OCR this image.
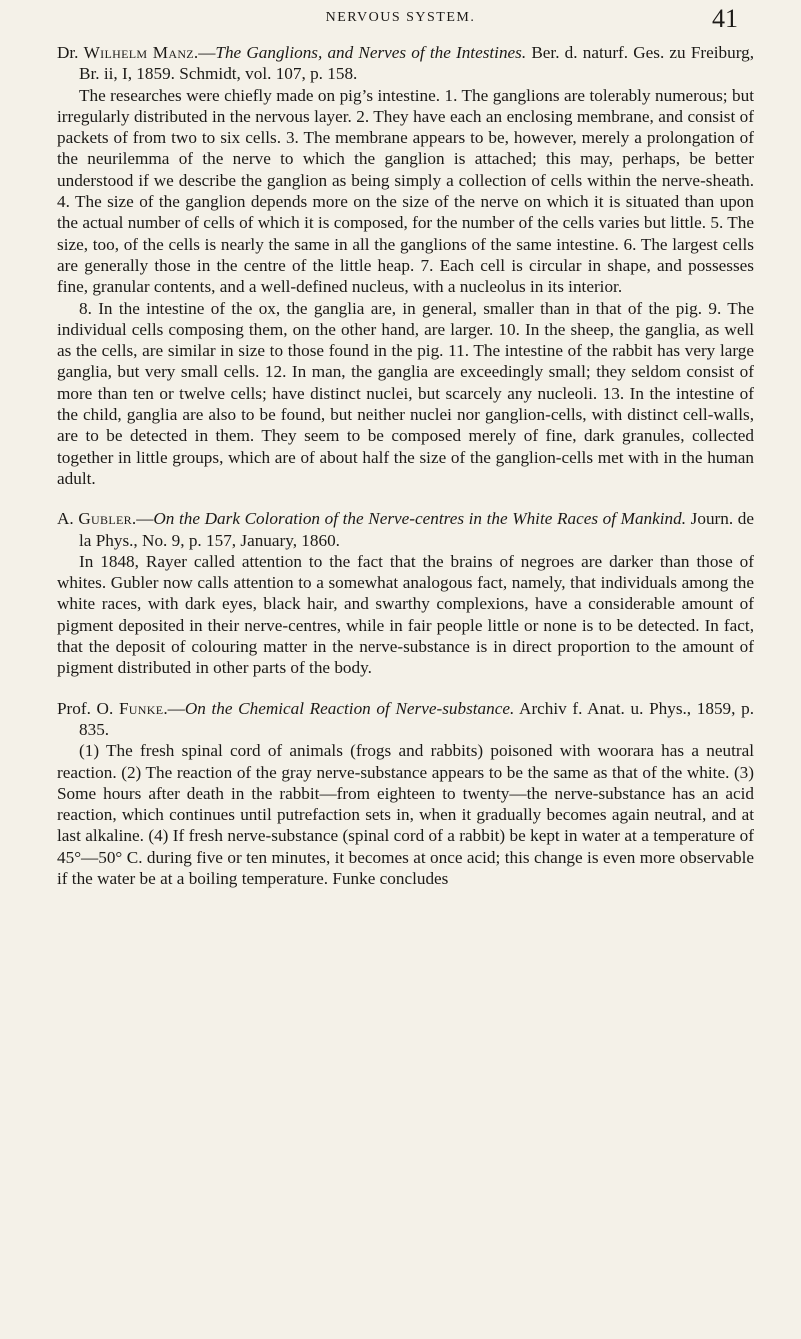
NERVOUS SYSTEM.	41

Dr. Wilhelm Manz.—The Ganglions, and Nerves of the Intestines. Ber. d. naturf. Ges. zu Freiburg, Br. ii, I, 1859. Schmidt, vol. 107, p. 158.

The researches were chiefly made on pig’s intestine. 1. The ganglions are tolerably numerous; but irregularly distributed in the nervous layer. 2. They have each an enclosing membrane, and consist of packets of from two to six cells. 3. The membrane appears to be, however, merely a prolongation of the neurilemma of the nerve to which the ganglion is attached; this may, perhaps, be better understood if we describe the ganglion as being simply a collection of cells within the nerve-sheath. 4. The size of the ganglion depends more on the size of the nerve on which it is situated than upon the actual number of cells of which it is composed, for the number of the cells varies but little. 5. The size, too, of the cells is nearly the same in all the ganglions of the same intestine. 6. The largest cells are generally those in the centre of the little heap. 7. Each cell is circular in shape, and possesses fine, granular contents, and a well-defined nucleus, with a nucleolus in its interior.

8. In the intestine of the ox, the ganglia are, in general, smaller than in that of the pig. 9. The individual cells composing them, on the other hand, are larger. 10. In the sheep, the ganglia, as well as the cells, are similar in size to those found in the pig. 11. The intestine of the rabbit has very large ganglia, but very small cells. 12. In man, the ganglia are exceedingly small; they seldom consist of more than ten or twelve cells; have distinct nuclei, but scarcely any nucleoli. 13. In the intestine of the child, ganglia are also to be found, but neither nuclei nor ganglion-cells, with distinct cell-walls, are to be detected in them. They seem to be composed merely of fine, dark granules, collected together in little groups, which are of about half the size of the ganglion-cells met with in the human adult.

A. Gubler.—On the Dark Coloration of the Nerve-centres in the White Races of Mankind. Journ. de la Phys., No. 9, p. 157, January, 1860.

In 1848, Rayer called attention to the fact that the brains of negroes are darker than those of whites. Gubler now calls attention to a somewhat analogous fact, namely, that individuals among the white races, with dark eyes, black hair, and swarthy complexions, have a considerable amount of pigment deposited in their nerve-centres, while in fair people little or none is to be detected. In fact, that the deposit of colouring matter in the nerve-substance is in direct proportion to the amount of pigment distributed in other parts of the body.

Prof. O. Funke.—On the Chemical Reaction of Nerve-substance. Archiv f. Anat. u. Phys., 1859, p. 835.

(1) The fresh spinal cord of animals (frogs and rabbits) poisoned with woorara has a neutral reaction. (2) The reaction of the gray nerve-substance appears to be the same as that of the white. (3) Some hours after death in the rabbit—from eighteen to twenty—the nerve-substance has an acid reaction, which continues until putrefaction sets in, when it gradually becomes again neutral, and at last alkaline. (4) If fresh nerve-substance (spinal cord of a rabbit) be kept in water at a temperature of 45°—50° C. during five or ten minutes, it becomes at once acid; this change is even more observable if the water be at a boiling temperature. Funke concludes
